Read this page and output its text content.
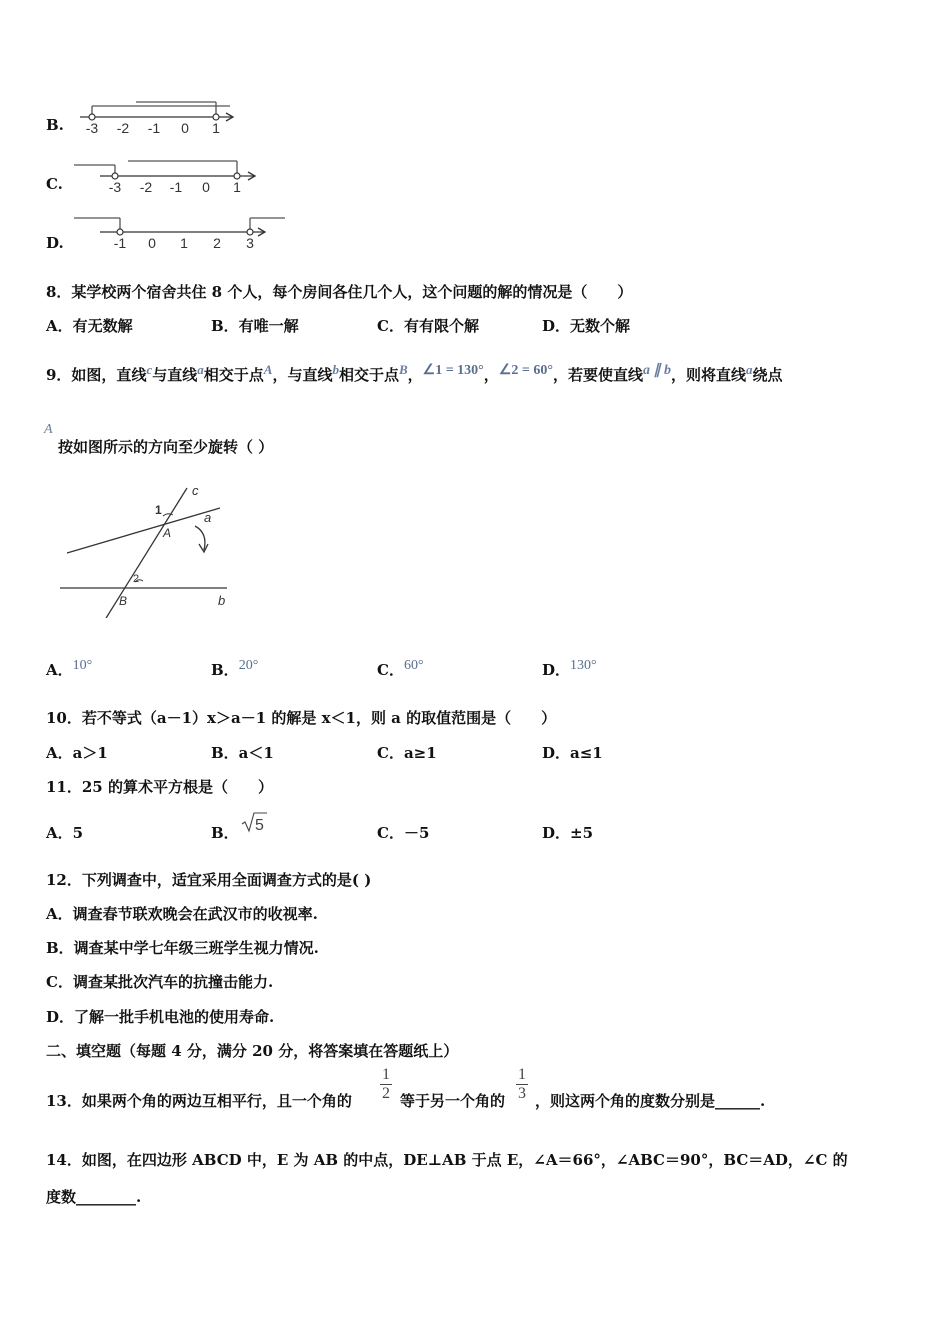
B. -3 -2 -1 0 1
C.	-3 -2 -1 0 1
D.	-1 0 1 2 3
8．某学校两个宿舍共住 8 个人，每个房间各住几个人，这个问题的解的情况是（　　）
A．有无数解	B．有唯一解	C．有有限个解	D．无数个解
9．如图，直线$^c$与直线$^a$相交于点$^A$，与直线$^b$相交于点$^B$，$^{\angle 1 = 130^\circ}$，$^{\angle 2 = 60^\circ}$，若要使直线$^{a \parallel b}$，则将直线$^a$绕点
A
按如图所示的方向至少旋转（ ）
c
a
b
A
B
1
2
A．$^{10^\circ}$	B．$^{20^\circ}$	C．$^{60^\circ}$	D．$^{130^\circ}$
10．若不等式（a－1）x＞a－1 的解是 x＜1，则 a 的取值范围是（　　）
A．a＞1	B．a＜1	C．a≥1	D．a≤1
11．25 的算术平方根是（　　）
A．5	B． 5	C．－5	D．±5
12．下列调查中，适宜采用全面调查方式的是( )
A．调查春节联欢晚会在武汉市的收视率.
B．调查某中学七年级三班学生视力情况.
C．调查某批次汽车的抗撞击能力.
D．了解一批手机电池的使用寿命.
二、填空题（每题 4 分，满分 20 分，将答案填在答题纸上）
13．如果两个角的两边互相平行，且一个角的 $\frac{1}{2}$ 等于另一个角的 $\frac{1}{3}$ ，则这两个角的度数分别是______.
14．如图，在四边形 ABCD 中，E 为 AB 的中点，DE⊥AB 于点 E，∠A＝66°，∠ABC＝90°，BC＝AD，∠C 的
度数________.
